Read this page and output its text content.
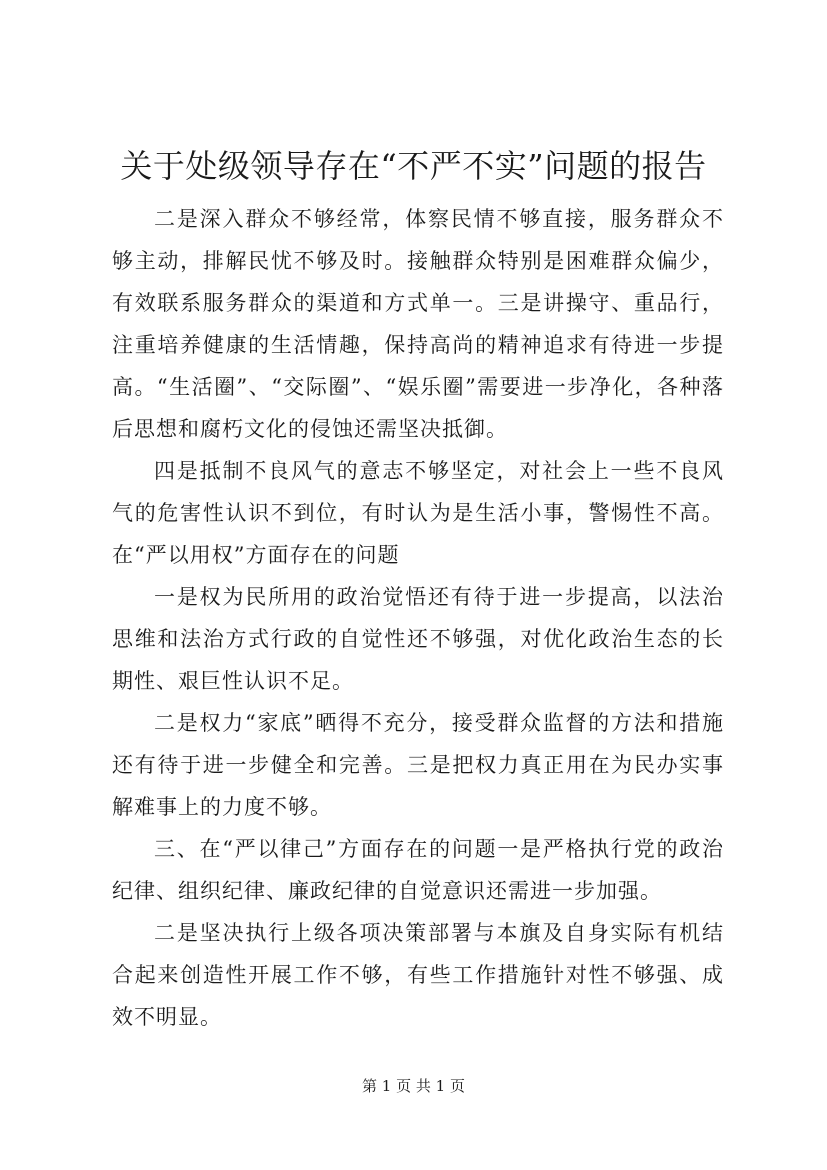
关于处级领导存在“不严不实”问题的报告

二是深入群众不够经常，体察民情不够直接，服务群众不够主动，排解民忧不够及时。接触群众特别是困难群众偏少，有效联系服务群众的渠道和方式单一。三是讲操守、重品行，注重培养健康的生活情趣，保持高尚的精神追求有待进一步提高。“生活圈”、“交际圈”、“娱乐圈”需要进一步净化，各种落后思想和腐朽文化的侵蚀还需坚决抵御。

四是抵制不良风气的意志不够坚定，对社会上一些不良风气的危害性认识不到位，有时认为是生活小事，警惕性不高。在“严以用权”方面存在的问题

一是权为民所用的政治觉悟还有待于进一步提高，以法治思维和法治方式行政的自觉性还不够强，对优化政治生态的长期性、艰巨性认识不足。

二是权力“家底”晒得不充分，接受群众监督的方法和措施还有待于进一步健全和完善。三是把权力真正用在为民办实事解难事上的力度不够。

三、在“严以律己”方面存在的问题一是严格执行党的政治纪律、组织纪律、廉政纪律的自觉意识还需进一步加强。

二是坚决执行上级各项决策部署与本旗及自身实际有机结合起来创造性开展工作不够，有些工作措施针对性不够强、成效不明显。

第 1 页 共 1 页
